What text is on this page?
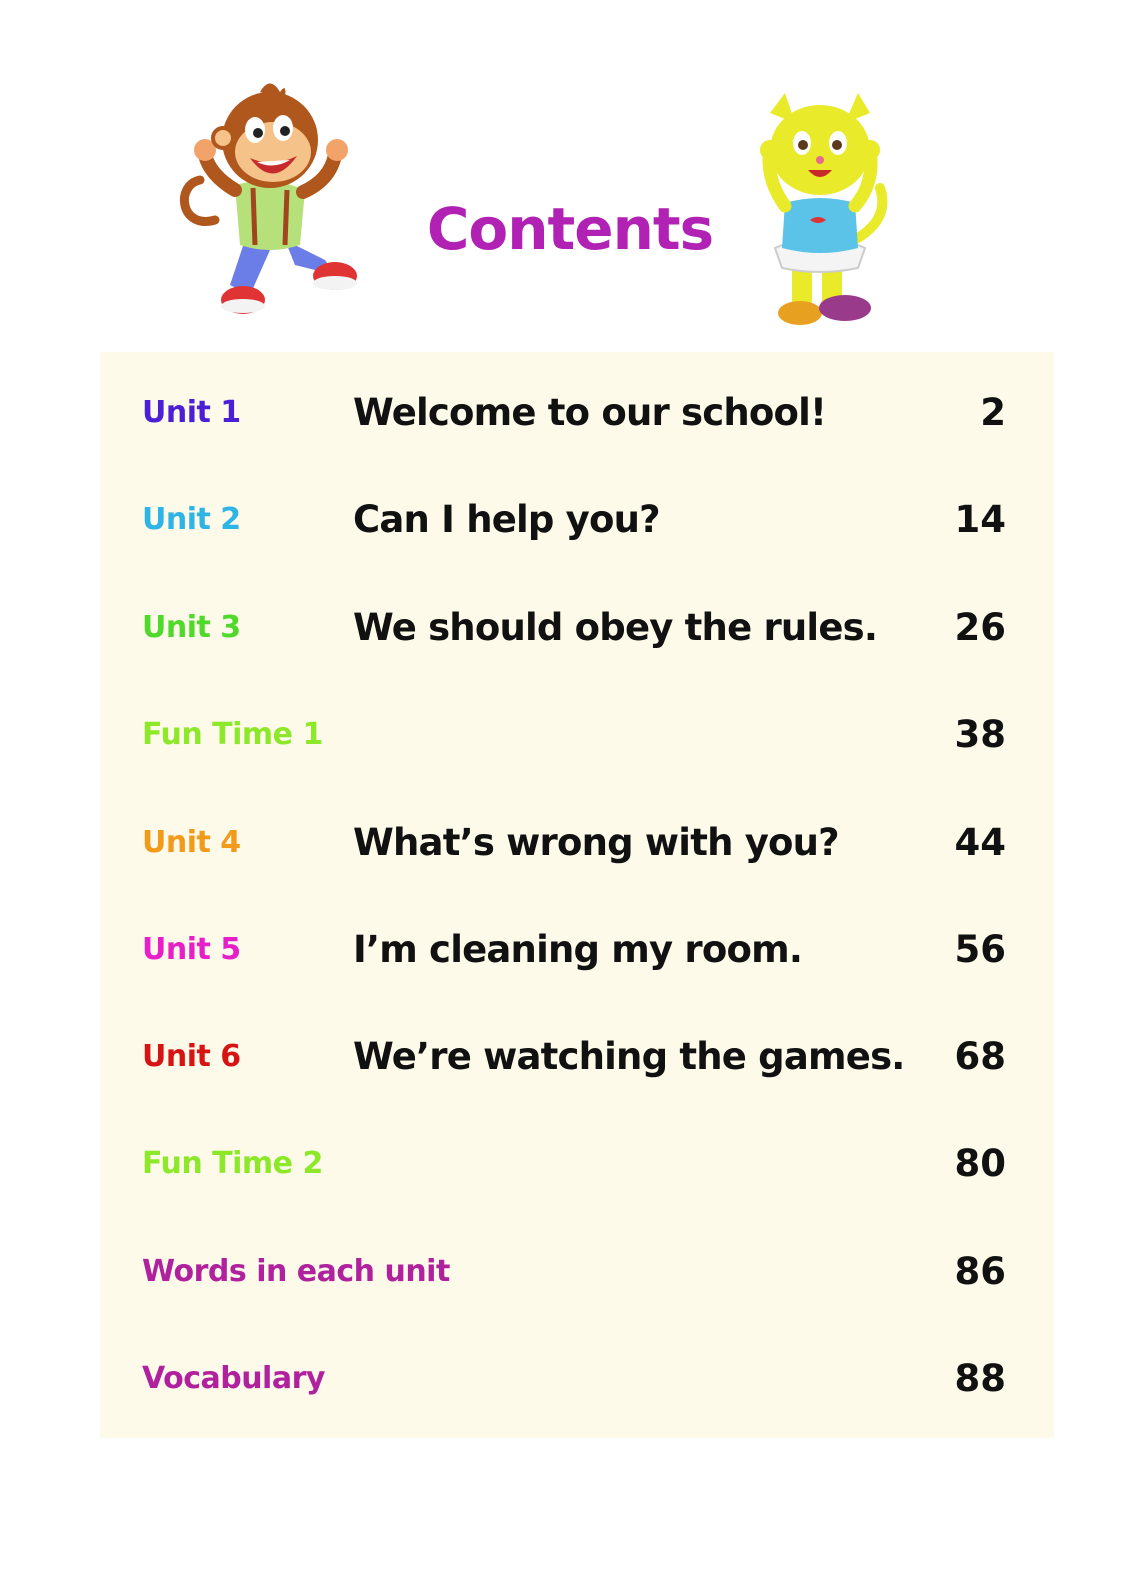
Contents
Unit 1	Welcome to our school!	2
Unit 2	Can I help you?	14
Unit 3	We should obey the rules. 26
Fun Time 1	38
Unit 4	What’s wrong with you?	44
Unit 5	I’m cleaning my room.	56
Unit 6	We’re watching the games. 68
Fun Time 2	80
Words in each unit	86
Vocabulary	88
